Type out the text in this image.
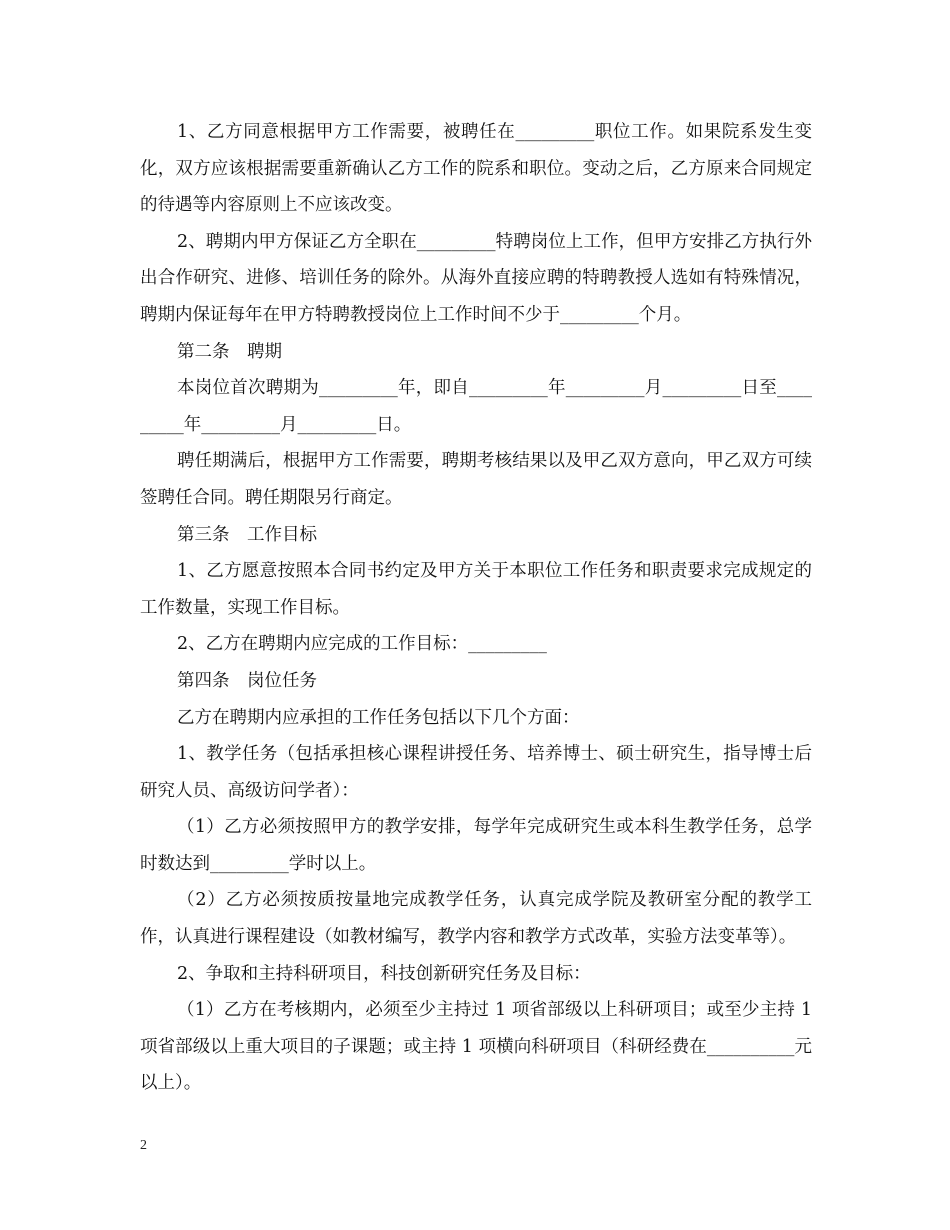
1、乙方同意根据甲方工作需要，被聘任在_________职位工作。如果院系发生变化，双方应该根据需要重新确认乙方工作的院系和职位。变动之后，乙方原来合同规定的待遇等内容原则上不应该改变。

2、聘期内甲方保证乙方全职在_________特聘岗位上工作，但甲方安排乙方执行外出合作研究、进修、培训任务的除外。从海外直接应聘的特聘教授人选如有特殊情况，聘期内保证每年在甲方特聘教授岗位上工作时间不少于_________个月。

第二条　聘期

本岗位首次聘期为_________年，即自_________年_________月_________日至_________年_________月_________日。

聘任期满后，根据甲方工作需要，聘期考核结果以及甲乙双方意向，甲乙双方可续签聘任合同。聘任期限另行商定。

第三条　工作目标

1、乙方愿意按照本合同书约定及甲方关于本职位工作任务和职责要求完成规定的工作数量，实现工作目标。

2、乙方在聘期内应完成的工作目标：_________

第四条　岗位任务

乙方在聘期内应承担的工作任务包括以下几个方面：

1、教学任务（包括承担核心课程讲授任务、培养博士、硕士研究生，指导博士后研究人员、高级访问学者）：

（1）乙方必须按照甲方的教学安排，每学年完成研究生或本科生教学任务，总学时数达到_________学时以上。

（2）乙方必须按质按量地完成教学任务，认真完成学院及教研室分配的教学工作，认真进行课程建设（如教材编写，教学内容和教学方式改革，实验方法变革等）。

2、争取和主持科研项目，科技创新研究任务及目标：

（1）乙方在考核期内，必须至少主持过 1 项省部级以上科研项目；或至少主持 1 项省部级以上重大项目的子课题；或主持 1 项横向科研项目（科研经费在__________元以上）。

2
